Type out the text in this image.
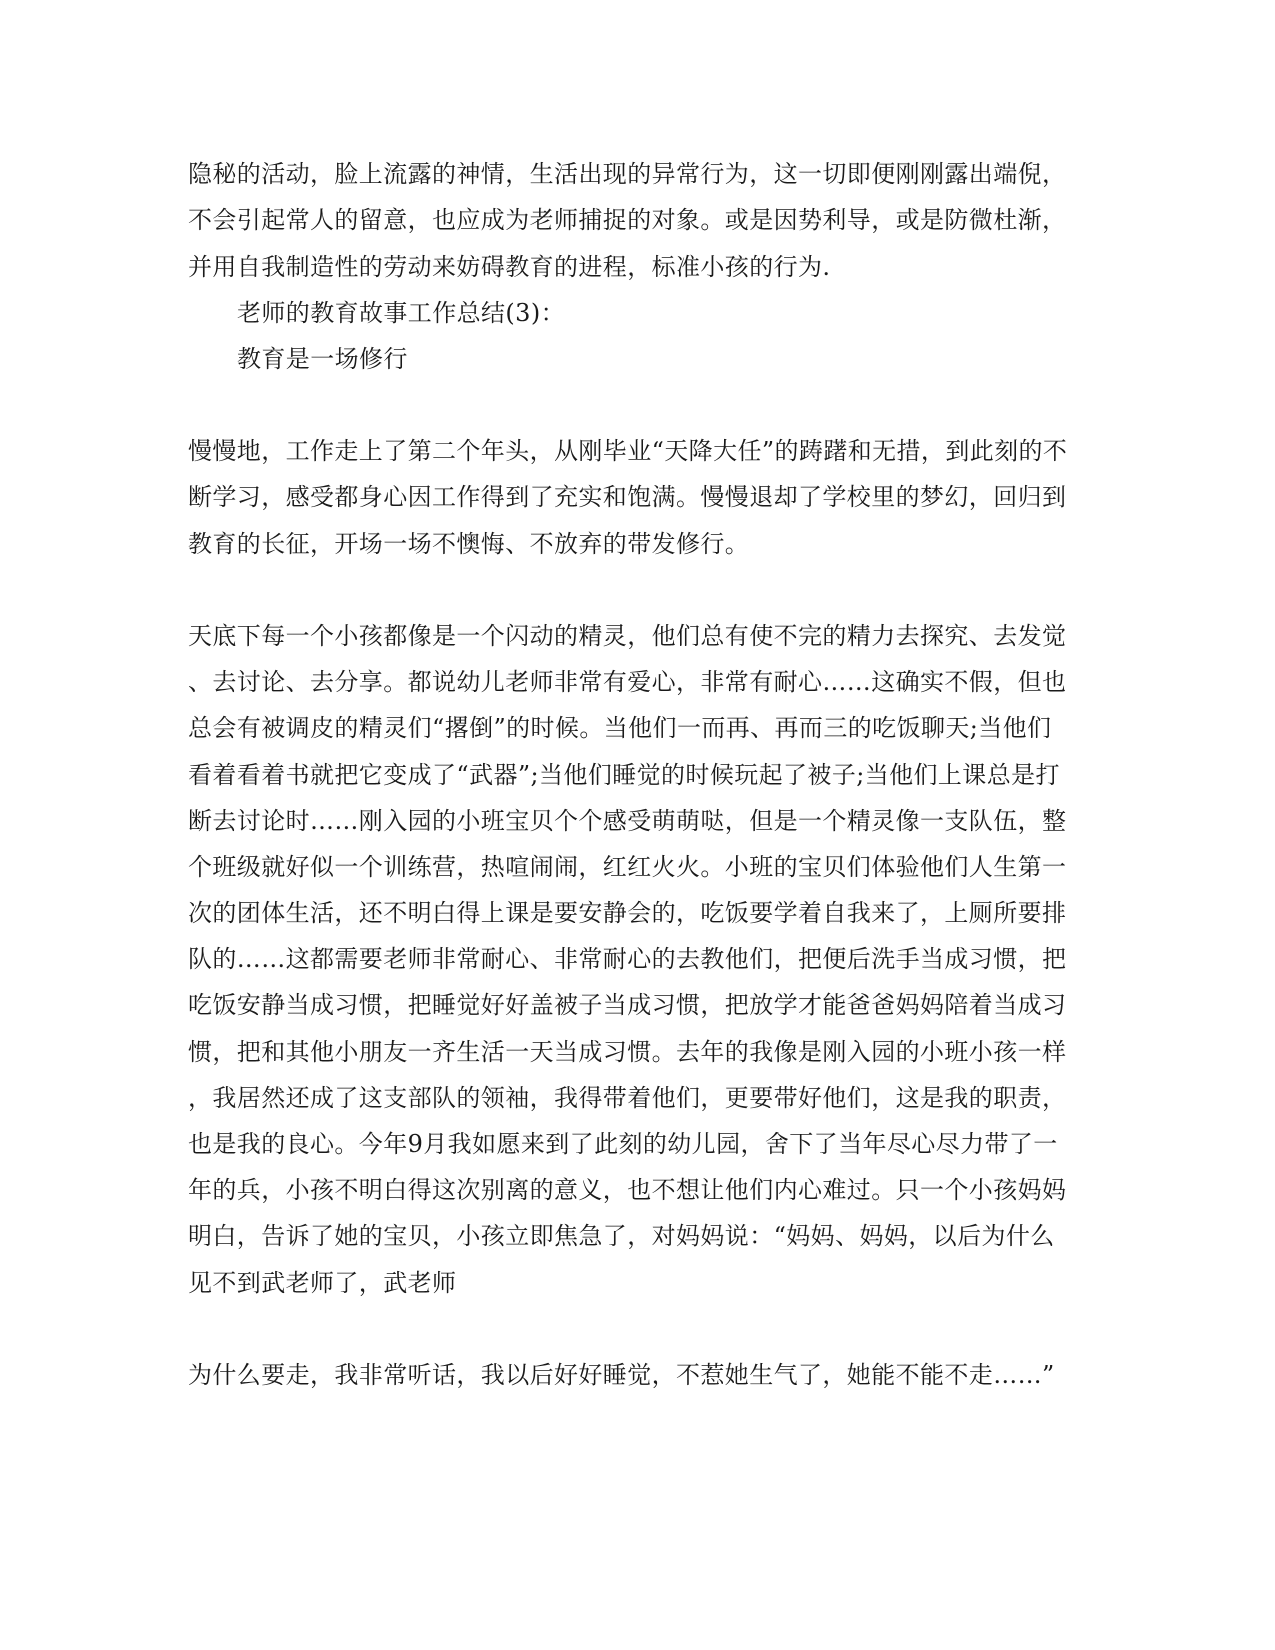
隐秘的活动，脸上流露的神情，生活出现的异常行为，这一切即便刚刚露出端倪，
不会引起常人的留意，也应成为老师捕捉的对象。或是因势利导，或是防微杜渐，
并用自我制造性的劳动来妨碍教育的进程，标准小孩的行为.
老师的教育故事工作总结(3)：
教育是一场修行
慢慢地，工作走上了第二个年头，从刚毕业“天降大任”的踌躇和无措，到此刻的不
断学习，感受都身心因工作得到了充实和饱满。慢慢退却了学校里的梦幻，回归到
教育的长征，开场一场不懊悔、不放弃的带发修行。
天底下每一个小孩都像是一个闪动的精灵，他们总有使不完的精力去探究、去发觉
、去讨论、去分享。都说幼儿老师非常有爱心，非常有耐心……这确实不假，但也
总会有被调皮的精灵们“撂倒”的时候。当他们一而再、再而三的吃饭聊天;当他们
看着看着书就把它变成了“武器”;当他们睡觉的时候玩起了被子;当他们上课总是打
断去讨论时……刚入园的小班宝贝个个感受萌萌哒，但是一个精灵像一支队伍，整
个班级就好似一个训练营，热喧闹闹，红红火火。小班的宝贝们体验他们人生第一
次的团体生活，还不明白得上课是要安静会的，吃饭要学着自我来了，上厕所要排
队的……这都需要老师非常耐心、非常耐心的去教他们，把便后洗手当成习惯，把
吃饭安静当成习惯，把睡觉好好盖被子当成习惯，把放学才能爸爸妈妈陪着当成习
惯，把和其他小朋友一齐生活一天当成习惯。去年的我像是刚入园的小班小孩一样
，我居然还成了这支部队的领袖，我得带着他们，更要带好他们，这是我的职责，
也是我的良心。今年9月我如愿来到了此刻的幼儿园，舍下了当年尽心尽力带了一
年的兵，小孩不明白得这次别离的意义，也不想让他们内心难过。只一个小孩妈妈
明白，告诉了她的宝贝，小孩立即焦急了，对妈妈说：“妈妈、妈妈，以后为什么
见不到武老师了，武老师
为什么要走，我非常听话，我以后好好睡觉，不惹她生气了，她能不能不走……”
